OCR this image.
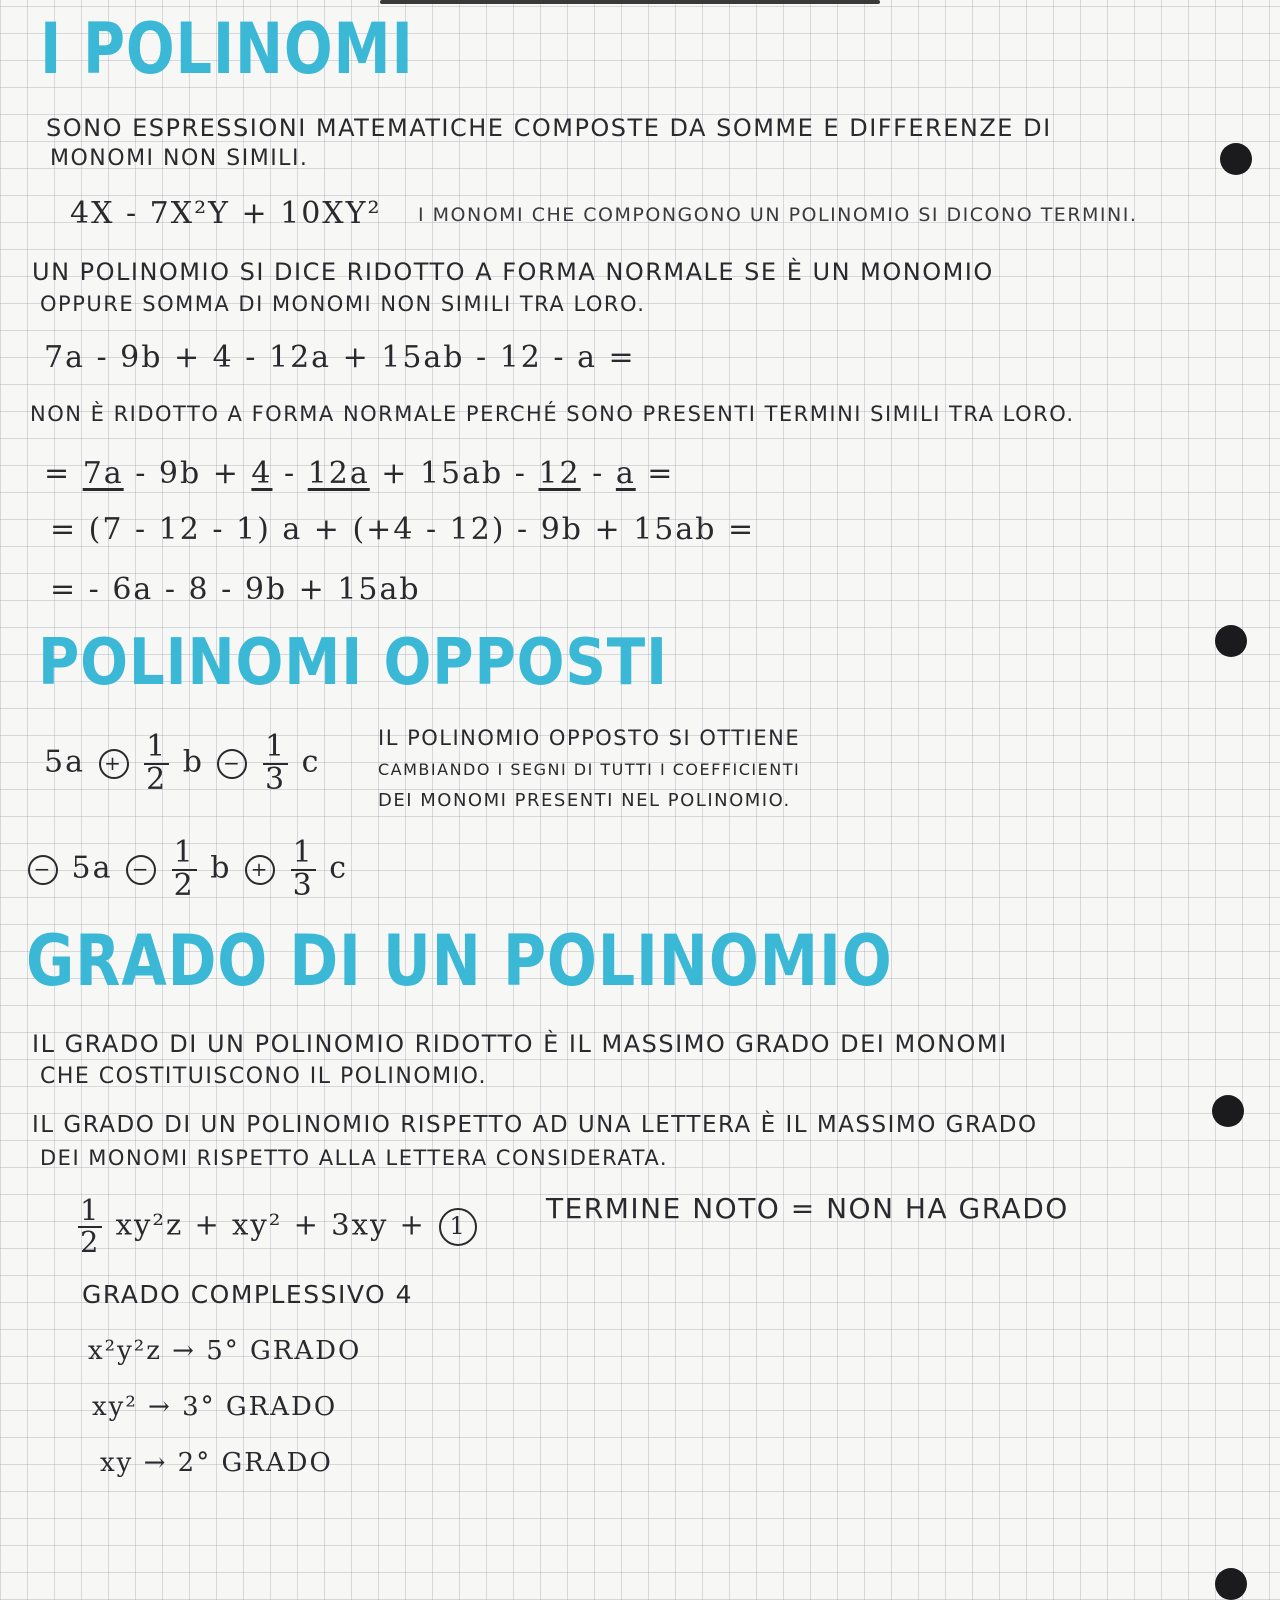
I POLINOMI
SONO ESPRESSIONI MATEMATICHE COMPOSTE DA SOMME E DIFFERENZE DI
MONOMI NON SIMILI.
4X - 7X²Y + 10XY² I MONOMI CHE COMPONGONO UN POLINOMIO SI DICONO TERMINI.
UN POLINOMIO SI DICE RIDOTTO A FORMA NORMALE SE È UN MONOMIO
OPPURE SOMMA DI MONOMI NON SIMILI TRA LORO.
7a - 9b + 4 - 12a + 15ab - 12 - a =
NON È RIDOTTO A FORMA NORMALE PERCHÉ SONO PRESENTI TERMINI SIMILI TRA LORO.
= 7a - 9b + 4 - 12a + 15ab - 12 - a =
= (7 - 12 - 1) a + (+4 - 12) - 9b + 15ab =
= - 6a - 8 - 9b + 15ab
POLINOMI OPPOSTI
$5a + \frac{1}{2}$ $b - \frac{1}{3}$ c
IL POLINOMIO OPPOSTO SI OTTIENE
CAMBIANDO I SEGNI DI TUTTI I COEFFICIENTI
DEI MONOMI PRESENTI NEL POLINOMIO.
− $5a - \frac{1}{2}$ $b + \frac{1}{3}$ c
GRADO DI UN POLINOMIO
IL GRADO DI UN POLINOMIO RIDOTTO È IL MASSIMO GRADO DEI MONOMI
CHE COSTITUISCONO IL POLINOMIO.
IL GRADO DI UN POLINOMIO RISPETTO AD UNA LETTERA È IL MASSIMO GRADO
DEI MONOMI RISPETTO ALLA LETTERA CONSIDERATA.
$\frac{1}{2} xy^2z + xy^2 + 3xy + 1$
TERMINE NOTO = NON HA GRADO
GRADO COMPLESSIVO 4
x²y²z → 5° GRADO
xy² → 3° GRADO
xy → 2° GRADO
